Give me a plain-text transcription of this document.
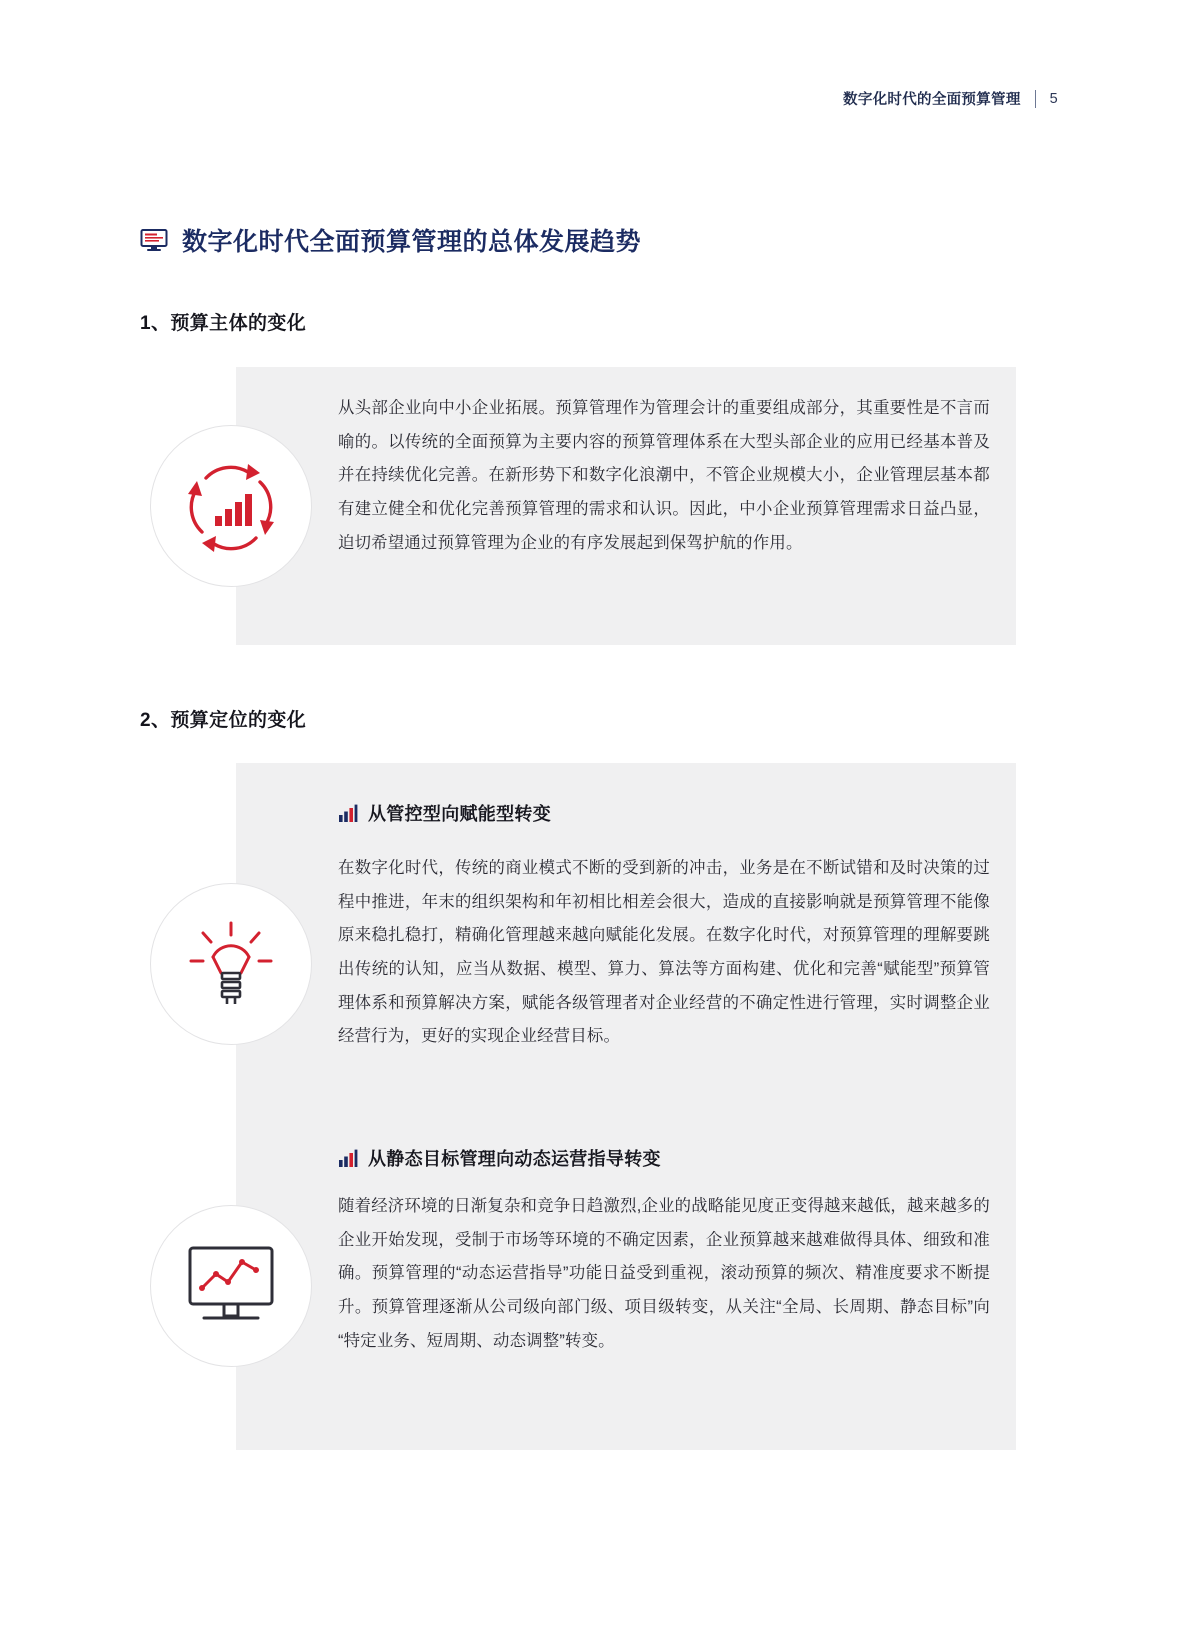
数字化时代的全面预算管理 5
数字化时代全面预算管理的总体发展趋势
1、预算主体的变化
从头部企业向中小企业拓展。预算管理作为管理会计的重要组成部分，其重要性是不言而喻的。以传统的全面预算为主要内容的预算管理体系在大型头部企业的应用已经基本普及并在持续优化完善。在新形势下和数字化浪潮中，不管企业规模大小，企业管理层基本都有建立健全和优化完善预算管理的需求和认识。因此，中小企业预算管理需求日益凸显，迫切希望通过预算管理为企业的有序发展起到保驾护航的作用。
2、预算定位的变化
从管控型向赋能型转变
在数字化时代，传统的商业模式不断的受到新的冲击，业务是在不断试错和及时决策的过程中推进，年末的组织架构和年初相比相差会很大，造成的直接影响就是预算管理不能像原来稳扎稳打，精确化管理越来越向赋能化发展。在数字化时代，对预算管理的理解要跳出传统的认知，应当从数据、模型、算力、算法等方面构建、优化和完善“赋能型”预算管理体系和预算解决方案，赋能各级管理者对企业经营的不确定性进行管理，实时调整企业经营行为，更好的实现企业经营目标。
从静态目标管理向动态运营指导转变
随着经济环境的日渐复杂和竞争日趋激烈,企业的战略能见度正变得越来越低，越来越多的企业开始发现，受制于市场等环境的不确定因素，企业预算越来越难做得具体、细致和准确。预算管理的“动态运营指导”功能日益受到重视，滚动预算的频次、精准度要求不断提升。预算管理逐渐从公司级向部门级、项目级转变，从关注“全局、长周期、静态目标”向“特定业务、短周期、动态调整”转变。
